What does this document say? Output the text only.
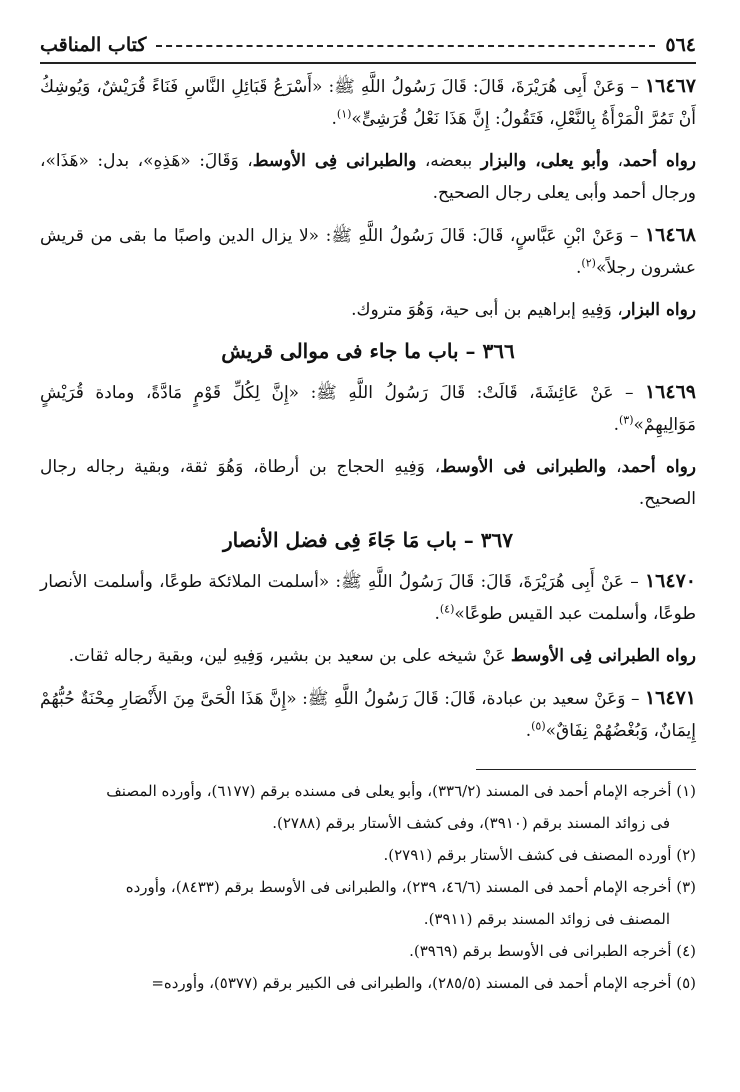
٥٦٤
كتاب المناقب

١٦٤٦٧ – وَعَنْ أَبِى هُرَيْرَةَ، قَالَ: قَالَ رَسُولُ اللَّهِ ﷺ: «أَسْرَعُ قَبَائِلِ النَّاسِ فَنَاءً قُرَيْشٌ، وَيُوشِكُ أَنْ تَمُرَّ الْمَرْأَةُ بِالنَّعْلِ، فَتَقُولُ: إِنَّ هَذَا نَعْلُ قُرَشِىٍّ»$^{(١)}$.

رواه أحمد، وأبو يعلى، والبزار ببعضه، والطبرانى فِى الأوسط، وَقَالَ: «هَذِهِ»، بدل: «هَذَا»، ورجال أحمد وأبى يعلى رجال الصحيح.

١٦٤٦٨ – وَعَنْ ابْنِ عَبَّاسٍ، قَالَ: قَالَ رَسُولُ اللَّهِ ﷺ: «لا يزال الدين واصبًا ما بقى من قريش عشرون رجلاً»$^{(٢)}$.

رواه البزار، وَفِيهِ إبراهيم بن أبى حية، وَهُوَ متروك.

٣٦٦ – باب ما جاء فى موالى قريش

١٦٤٦٩ – عَنْ عَائِشَةَ، قَالَتْ: قَالَ رَسُولُ اللَّهِ ﷺ: «إِنَّ لِكُلِّ قَوْمٍ مَادَّةً، ومادة قُرَيْشٍ مَوَالِيهِمْ»$^{(٣)}$.

رواه أحمد، والطبرانى فى الأوسط، وَفِيهِ الحجاج بن أرطاة، وَهُوَ ثقة، وبقية رجاله رجال الصحيح.

٣٦٧ – باب مَا جَاءَ فِى فضل الأنصار

١٦٤٧٠ – عَنْ أَبِى هُرَيْرَةَ، قَالَ: قَالَ رَسُولُ اللَّهِ ﷺ: «أسلمت الملائكة طوعًا، وأسلمت الأنصار طوعًا، وأسلمت عبد القيس طوعًا»$^{(٤)}$.

رواه الطبرانى فِى الأوسط عَنْ شيخه على بن سعيد بن بشير، وَفِيهِ لين، وبقية رجاله ثقات.

١٦٤٧١ – وَعَنْ سعيد بن عبادة، قَالَ: قَالَ رَسُولُ اللَّهِ ﷺ: «إِنَّ هَذَا الْحَىَّ مِنَ الأَنْصَارِ مِحْنَةٌ حُبُّهُمْ إِيمَانٌ، وَبُغْضُهُمْ نِفَاقٌ»$^{(٥)}$.

(١) أخرجه الإمام أحمد فى المسند (٣٣٦/٢)، وأبو يعلى فى مسنده برقم (٦١٧٧)، وأورده المصنف

فى زوائد المسند برقم (٣٩١٠)، وفى كشف الأستار برقم (٢٧٨٨).

(٢) أورده المصنف فى كشف الأستار برقم (٢٧٩١).

(٣) أخرجه الإمام أحمد فى المسند (٤٦/٦، ٢٣٩)، والطبرانى فى الأوسط برقم (٨٤٣٣)، وأورده

المصنف فى زوائد المسند برقم (٣٩١١).

(٤) أخرجه الطبرانى فى الأوسط برقم (٣٩٦٩).

(٥) أخرجه الإمام أحمد فى المسند (٢٨٥/٥)، والطبرانى فى الكبير برقم (٥٣٧٧)، وأورده=
